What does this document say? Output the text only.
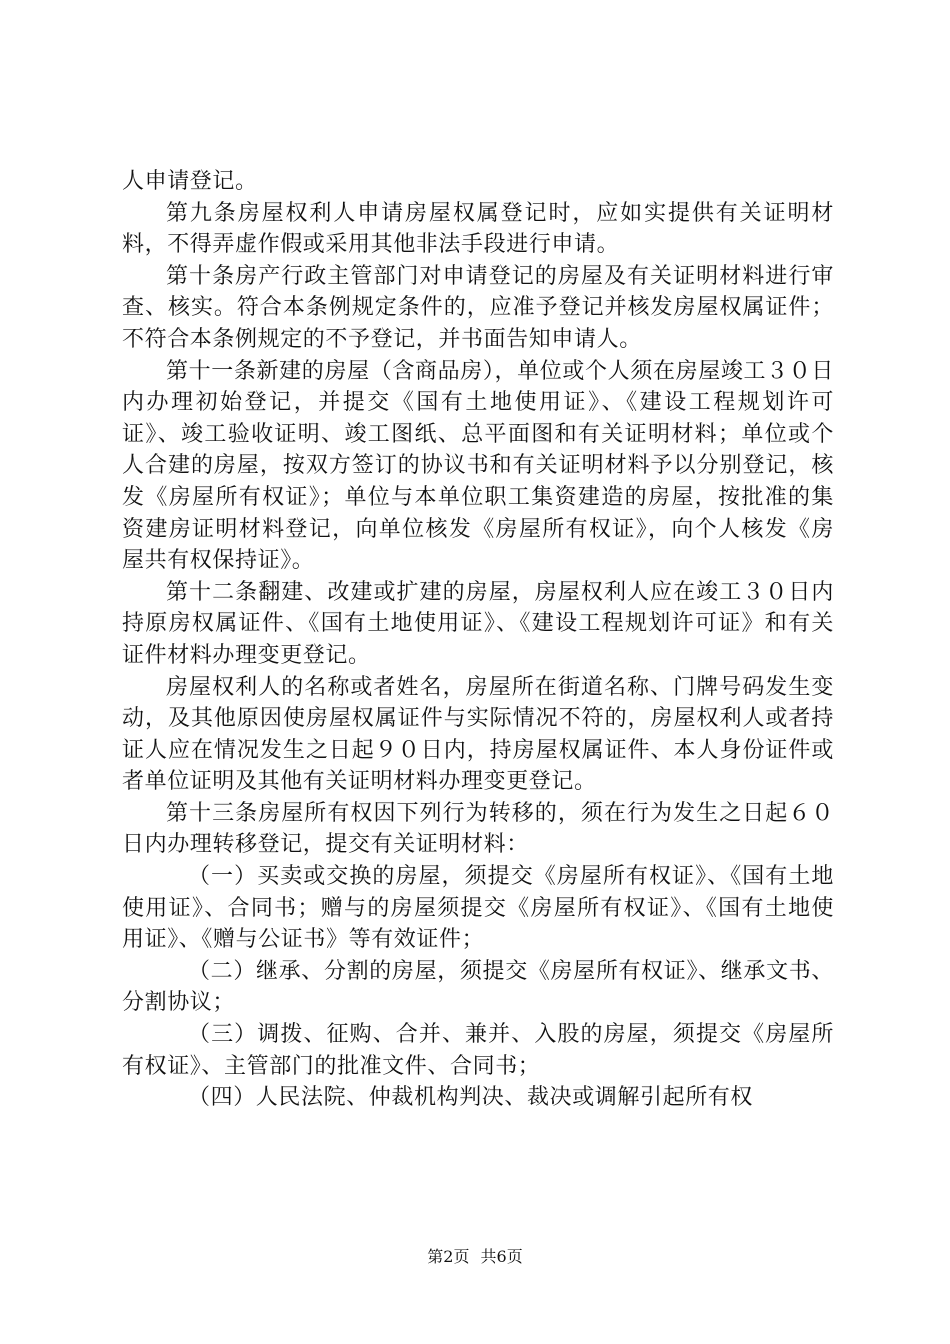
人申请登记。

第九条房屋权利人申请房屋权属登记时，应如实提供有关证明材料，不得弄虚作假或采用其他非法手段进行申请。

第十条房产行政主管部门对申请登记的房屋及有关证明材料进行审查、核实。符合本条例规定条件的，应准予登记并核发房屋权属证件；不符合本条例规定的不予登记，并书面告知申请人。

第十一条新建的房屋（含商品房），单位或个人须在房屋竣工３０日内办理初始登记，并提交《国有土地使用证》、《建设工程规划许可证》、竣工验收证明、竣工图纸、总平面图和有关证明材料；单位或个人合建的房屋，按双方签订的协议书和有关证明材料予以分别登记，核发《房屋所有权证》；单位与本单位职工集资建造的房屋，按批准的集资建房证明材料登记，向单位核发《房屋所有权证》，向个人核发《房屋共有权保持证》。

第十二条翻建、改建或扩建的房屋，房屋权利人应在竣工３０日内持原房权属证件、《国有土地使用证》、《建设工程规划许可证》和有关证件材料办理变更登记。

房屋权利人的名称或者姓名，房屋所在街道名称、门牌号码发生变动，及其他原因使房屋权属证件与实际情况不符的，房屋权利人或者持证人应在情况发生之日起９０日内，持房屋权属证件、本人身份证件或者单位证明及其他有关证明材料办理变更登记。

第十三条房屋所有权因下列行为转移的，须在行为发生之日起６０日内办理转移登记，提交有关证明材料：

（一）买卖或交换的房屋，须提交《房屋所有权证》、《国有土地使用证》、合同书；赠与的房屋须提交《房屋所有权证》、《国有土地使用证》、《赠与公证书》等有效证件；

（二）继承、分割的房屋，须提交《房屋所有权证》、继承文书、分割协议；

（三）调拨、征购、合并、兼并、入股的房屋，须提交《房屋所有权证》、主管部门的批准文件、合同书；

（四）人民法院、仲裁机构判决、裁决或调解引起所有权

第2页 共6页
